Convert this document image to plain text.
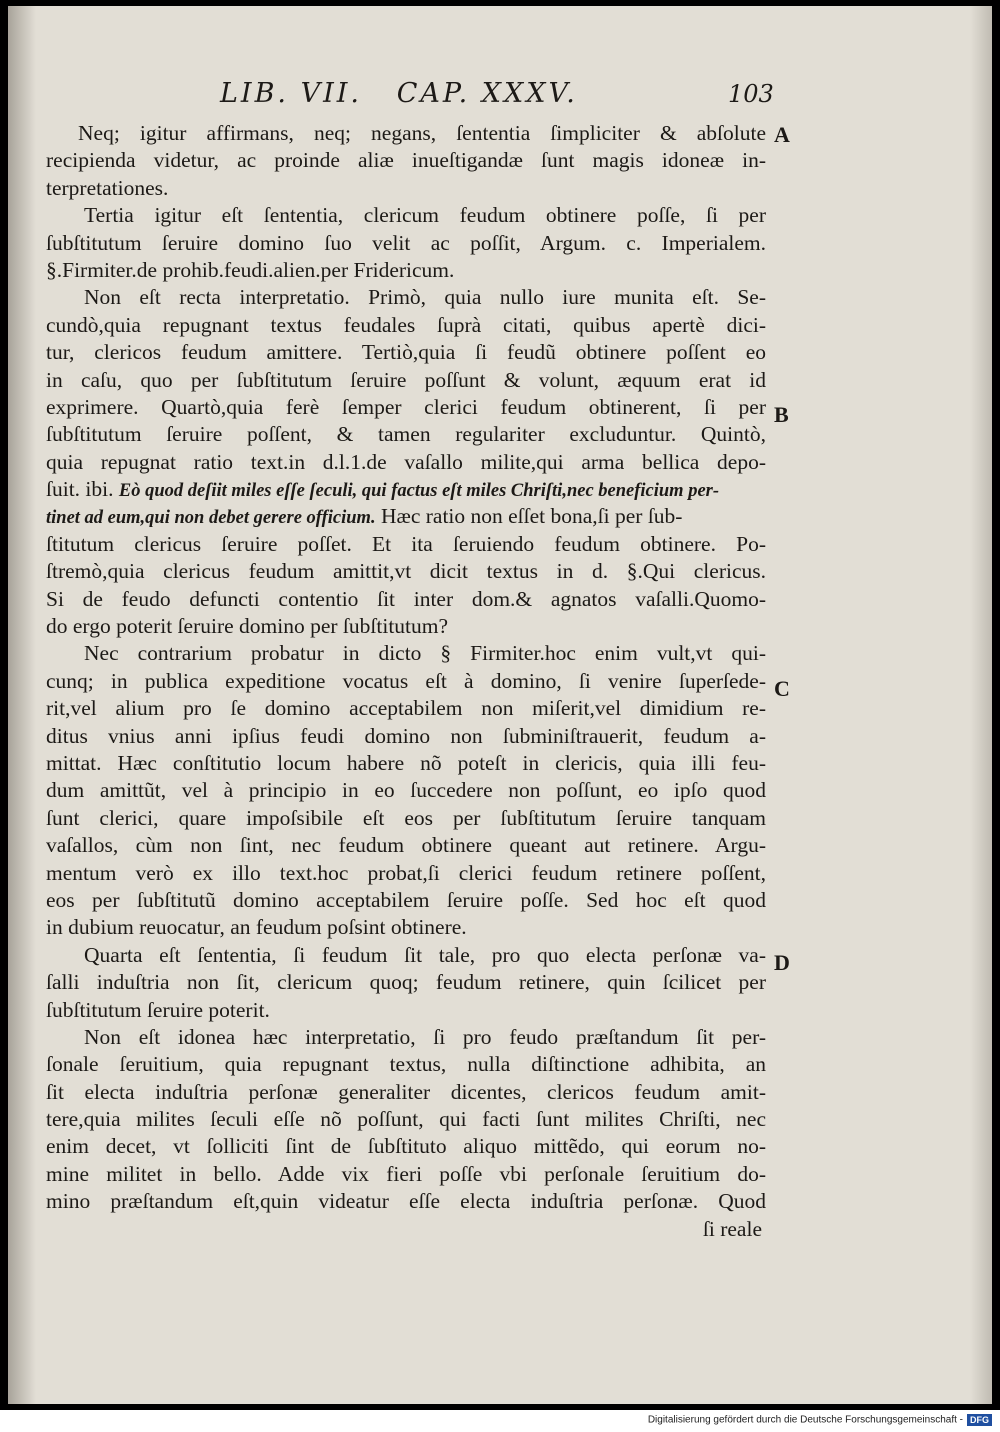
LIB. VII.   CAP. XXXV.	103
Neq; igitur affirmans, neq; negans, ſententia ſimpliciter & abſolute
recipienda videtur, ac proinde aliæ inueſtigandæ ſunt magis idoneæ in-
terpretationes.
Tertia igitur eſt ſententia, clericum feudum obtinere poſſe, ſi per
ſubſtitutum ſeruire domino ſuo velit ac poſſit, Argum. c. Imperialem.
§.Firmiter.de prohib.feudi.alien.per Fridericum.
Non eſt recta interpretatio. Primò, quia nullo iure munita eſt. Se-
cundò,quia repugnant textus feudales ſuprà citati, quibus apertè dici-
tur, clericos feudum amittere. Tertiò,quia ſi feudũ obtinere poſſent eo
in caſu, quo per ſubſtitutum ſeruire poſſunt & volunt, æquum erat id
exprimere. Quartò,quia ferè ſemper clerici feudum obtinerent, ſi per
ſubſtitutum ſeruire poſſent, & tamen regulariter excluduntur. Quintò,
quia repugnat ratio text.in d.l.1.de vaſallo milite,qui arma bellica depo-
ſuit. ibi. Eò quod deſiit miles eſſe ſeculi, qui factus eſt miles Chriſti,nec beneficium per-
tinet ad eum,qui non debet gerere officium. Hæc ratio non eſſet bona,ſi per ſub-
ſtitutum clericus ſeruire poſſet. Et ita ſeruiendo feudum obtinere. Po-
ſtremò,quia clericus feudum amittit,vt dicit textus in d. §.Qui clericus.
Si de feudo defuncti contentio ſit inter dom.& agnatos vaſalli.Quomo-
do ergo poterit ſeruire domino per ſubſtitutum?
Nec contrarium probatur in dicto § Firmiter.hoc enim vult,vt qui-
cunq; in publica expeditione vocatus eſt à domino, ſi venire ſuperſede-
rit,vel alium pro ſe domino acceptabilem non miſerit,vel dimidium re-
ditus vnius anni ipſius feudi domino non ſubminiſtrauerit, feudum a-
mittat. Hæc conſtitutio locum habere nõ poteſt in clericis, quia illi feu-
dum amittũt, vel à principio in eo ſuccedere non poſſunt, eo ipſo quod
ſunt clerici, quare impoſsibile eſt eos per ſubſtitutum ſeruire tanquam
vaſallos, cùm non ſint, nec feudum obtinere queant aut retinere. Argu-
mentum verò ex illo text.hoc probat,ſi clerici feudum retinere poſſent,
eos per ſubſtitutũ domino acceptabilem ſeruire poſſe. Sed hoc eſt quod
in dubium reuocatur, an feudum poſsint obtinere.
Quarta eſt ſententia, ſi feudum ſit tale, pro quo electa perſonæ va-
ſalli induſtria non ſit, clericum quoq; feudum retinere, quin ſcilicet per
ſubſtitutum ſeruire poterit.
Non eſt idonea hæc interpretatio, ſi pro feudo præſtandum ſit per-
ſonale ſeruitium, quia repugnant textus, nulla diſtinctione adhibita, an
ſit electa induſtria perſonæ generaliter dicentes, clericos feudum amit-
tere,quia milites ſeculi eſſe nõ poſſunt, qui facti ſunt milites Chriſti, nec
enim decet, vt ſolliciti ſint de ſubſtituto aliquo mittẽdo, qui eorum no-
mine militet in bello. Adde vix fieri poſſe vbi perſonale ſeruitium do-
mino præſtandum eſt,quin videatur eſſe electa induſtria perſonæ. Quod
ſi reale
A
B
C
D
Digitalisierung gefördert durch die Deutsche Forschungsgemeinschaft - DFG
